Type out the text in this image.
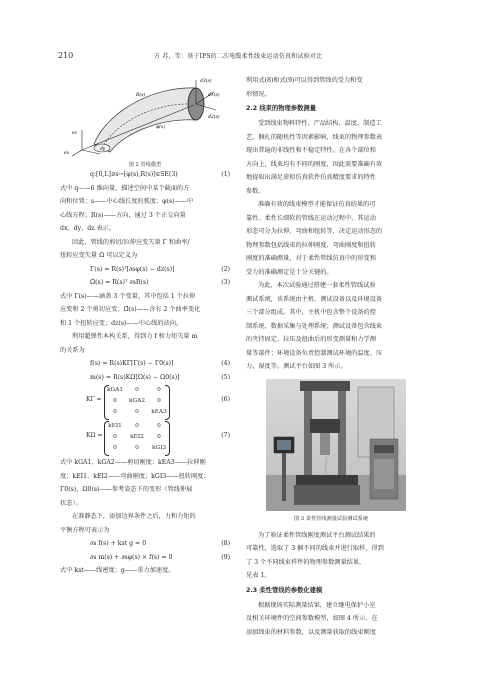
210	方 苏，等：基于IPS的二次电缆柔性线束运动仿真和试验对比
d3(s)
d1(s)
d2(s)
φ(s)
R(s)
ez
ey
ex
图 2 管线模型
q:[0,L]∋s→[φ(s),R(s)]∈SE(3)	(1)

式中 q——6 维向量，描述空间中某个截面的方

向和位置；s——中心线长度的弧度；φ(s)——中

心线方程；R(s)——方向，通过 3 个正交向量

dx、dy、dz 表示。

因此，管线的剪切/拉伸应变矢量 Γ 和曲率/

扭转应变矢量 Ω 可以定义为

Γ(s) = R(s)ᵀ[∂sφ(s) − dz(s)]	(2)
Ω̂(s) = R(s)ᵀ ∂sR(s)	(3)

式中 Γ(s)——涵盖 3 个变量，其中包括 1 个拉伸

应变和 2 个剪切应变；Ω̂(s)——含有 2 个曲率变化

和 1 个扭转应变；dz(s)——中心线的法向。

利用超弹性本构关系，得到力 f 和力矩矢量 m

的关系为

f(s) = R(s)KΓ[Γ(s) − Γ0(s)]	(4)
m(s) = R(s)KΩ[Ω(s) − Ω0(s)]	(5)
KΓ =
kGA1	0	0
0	kGA2	0
0	0	kEA3
(6)
KΩ =
kEI1	0	0
0	kEI2	0
0	0	kGI3
(7)

式中 kGA1、kGA2——剪切刚度；kEA3——拉伸刚

度；kEI1、kEI2——弯曲刚度；kGI3——扭转刚度；

Γ0(s)、Ω0(s)——参考姿态下的变形（管线伸展

状态）。

在准静态下，添加边界条件之后，力和力矩的

平衡方程可表示为

∂s f(s) + kst g = 0	(8)
∂s m(s) + ∂sφ(s) × f(s) = 0	(9)

式中 kst——线密度；g——重力加速度。

利用式(8)和式(9)可以得到管线的受力和变

形情况。

2.2 线束的物理参数测量

受到线束物料特性、产品结构、温度、制造工

艺、捆扎的随机性等因素影响，线束的物理参数表

现出普遍的非线性和不稳定特性。在各个部位和

方向上，线束均有不同的刚度，因此需要准确有效

地提取出满足虚拟仿真软件仿真精度要求的特性

参数。

准确有效的线束模型才能保证仿真结果的可

靠性。柔性长细软的管线在运动过程中，其运动

形态可分为拉伸、弯曲和扭转等，决定运动形态的

物理参数包括线束的拉伸刚度、弯曲刚度和扭转

刚度的准确测量，对于柔性管线仿真中的形变和

受力的准确测定是十分关键的。

为此，本次试验通过搭建一套柔性管线试验

测试系统，该系统由主机、测试设备以及环境设备

三个部分组成。其中，主机中包含整个设备的控

制系统、数据采集与处理系统；测试设备包含线束

的夹持固定、拉压及扭曲后的形变测量和力学测

量等部件；环境设备负责控制测试环境的温度、压

力、湿度等。测试平台如图 3 所示。

图 3 柔性管线测量试验测试系统

为了验证柔性管线刚度测试平台测试结果的

可靠性，选取了 3 捆不同的线束并进行取样，得到

了 3 个不同线束样件的物理参数测量结果，

见表 1。

2.3 柔性管线的参数化建模

根据现场实际测量结果，建立继电保护小室

及相关环境件的空间参数模型，如图 4 所示。在

添加线束的材料参数，以及测量获取的线束刚度
